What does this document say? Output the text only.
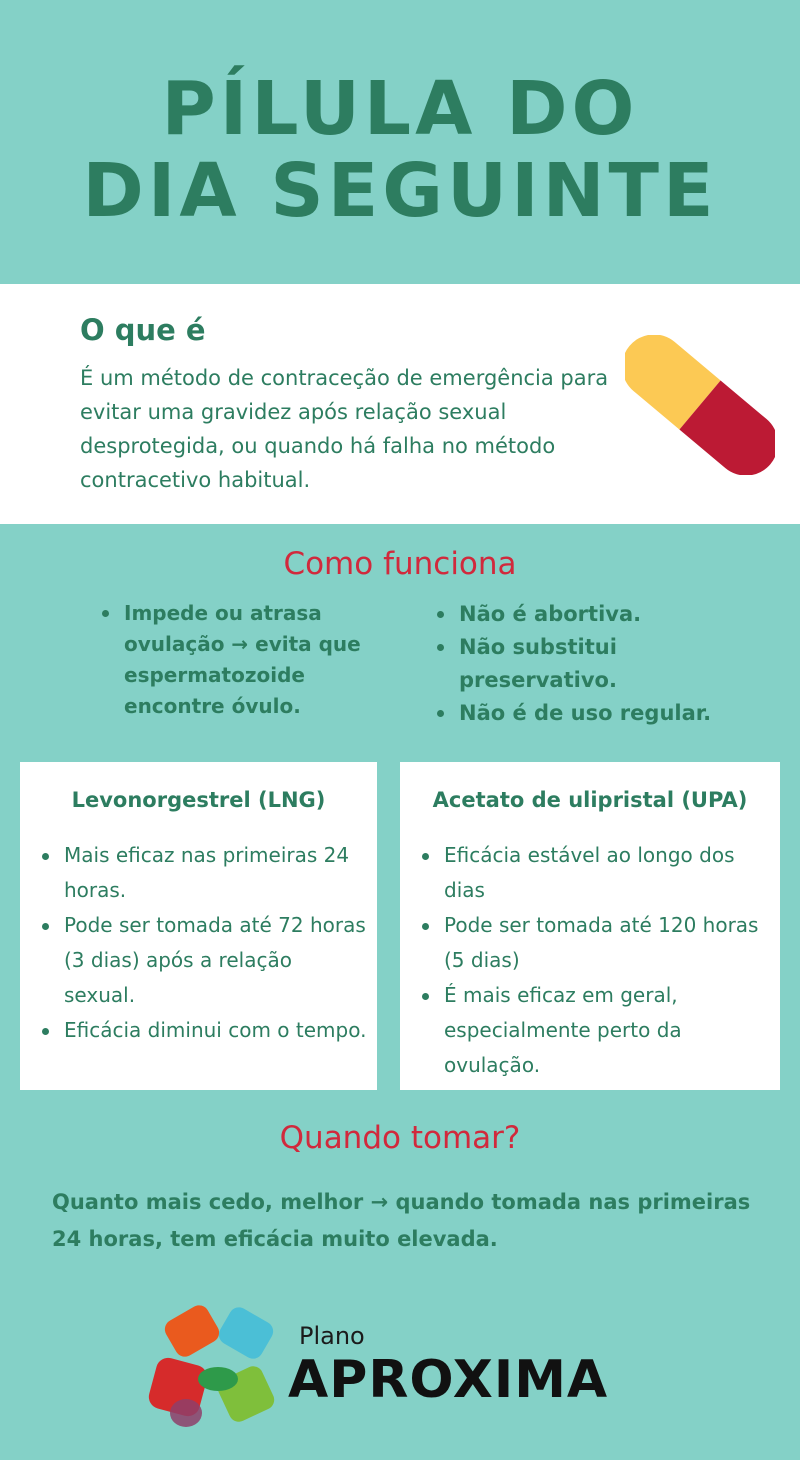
PÍLULA DO
DIA SEGUINTE
O que é
É um método de contraceção de emergência para evitar uma gravidez após relação sexual desprotegida, ou quando há falha no método contracetivo habitual.
Como funciona
Impede ou atrasa ovulação → evita que espermatozoide encontre óvulo.
Não é abortiva.
Não substitui preservativo.
Não é de uso regular.
Levonorgestrel (LNG)
Mais eficaz nas primeiras 24 horas.
Pode ser tomada até 72 horas (3 dias) após a relação sexual.
Eficácia diminui com o tempo.
Acetato de ulipristal (UPA)
Eficácia estável ao longo dos dias
Pode ser tomada até 120 horas (5 dias)
É mais eficaz em geral, especialmente perto da ovulação.
Quando tomar?
Quanto mais cedo, melhor → quando tomada nas primeiras 24 horas, tem eficácia muito elevada.
Plano
APROXIMA
